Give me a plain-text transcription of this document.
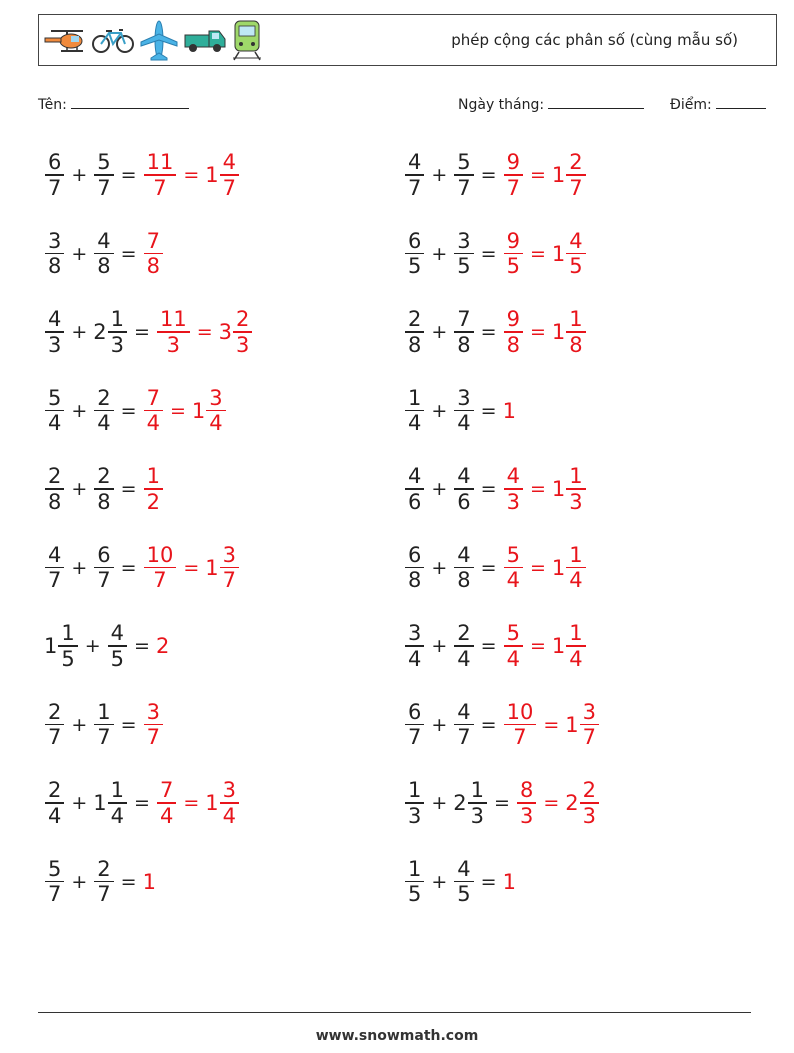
phép cộng các phân số (cùng mẫu số)
Tên:	Ngày tháng:	Điểm:
$\frac{6}{7} + \frac{5}{7} = \frac{11}{7} = 1 \frac{4}{7}$
$\frac{3}{8} + \frac{4}{8} = \frac{7}{8}$
$\frac{4}{3} + 2 \frac{1}{3} = \frac{11}{3} = 3 \frac{2}{3}$
$\frac{5}{4} + \frac{2}{4} = \frac{7}{4} = 1 \frac{3}{4}$
$\frac{2}{8} + \frac{2}{8} = \frac{1}{2}$
$\frac{4}{7} + \frac{6}{7} = \frac{10}{7} = 1 \frac{3}{7}$
$1 \frac{1}{5} + \frac{4}{5} = 2$
$\frac{2}{7} + \frac{1}{7} = \frac{3}{7}$
$\frac{2}{4} + 1 \frac{1}{4} = \frac{7}{4} = 1 \frac{3}{4}$
$\frac{5}{7} + \frac{2}{7} = 1$
$\frac{4}{7} + \frac{5}{7} = \frac{9}{7} = 1 \frac{2}{7}$
$\frac{6}{5} + \frac{3}{5} = \frac{9}{5} = 1 \frac{4}{5}$
$\frac{2}{8} + \frac{7}{8} = \frac{9}{8} = 1 \frac{1}{8}$
$\frac{1}{4} + \frac{3}{4} = 1$
$\frac{4}{6} + \frac{4}{6} = \frac{4}{3} = 1 \frac{1}{3}$
$\frac{6}{8} + \frac{4}{8} = \frac{5}{4} = 1 \frac{1}{4}$
$\frac{3}{4} + \frac{2}{4} = \frac{5}{4} = 1 \frac{1}{4}$
$\frac{6}{7} + \frac{4}{7} = \frac{10}{7} = 1 \frac{3}{7}$
$\frac{1}{3} + 2 \frac{1}{3} = \frac{8}{3} = 2 \frac{2}{3}$
$\frac{1}{5} + \frac{4}{5} = 1$
www.snowmath.com
